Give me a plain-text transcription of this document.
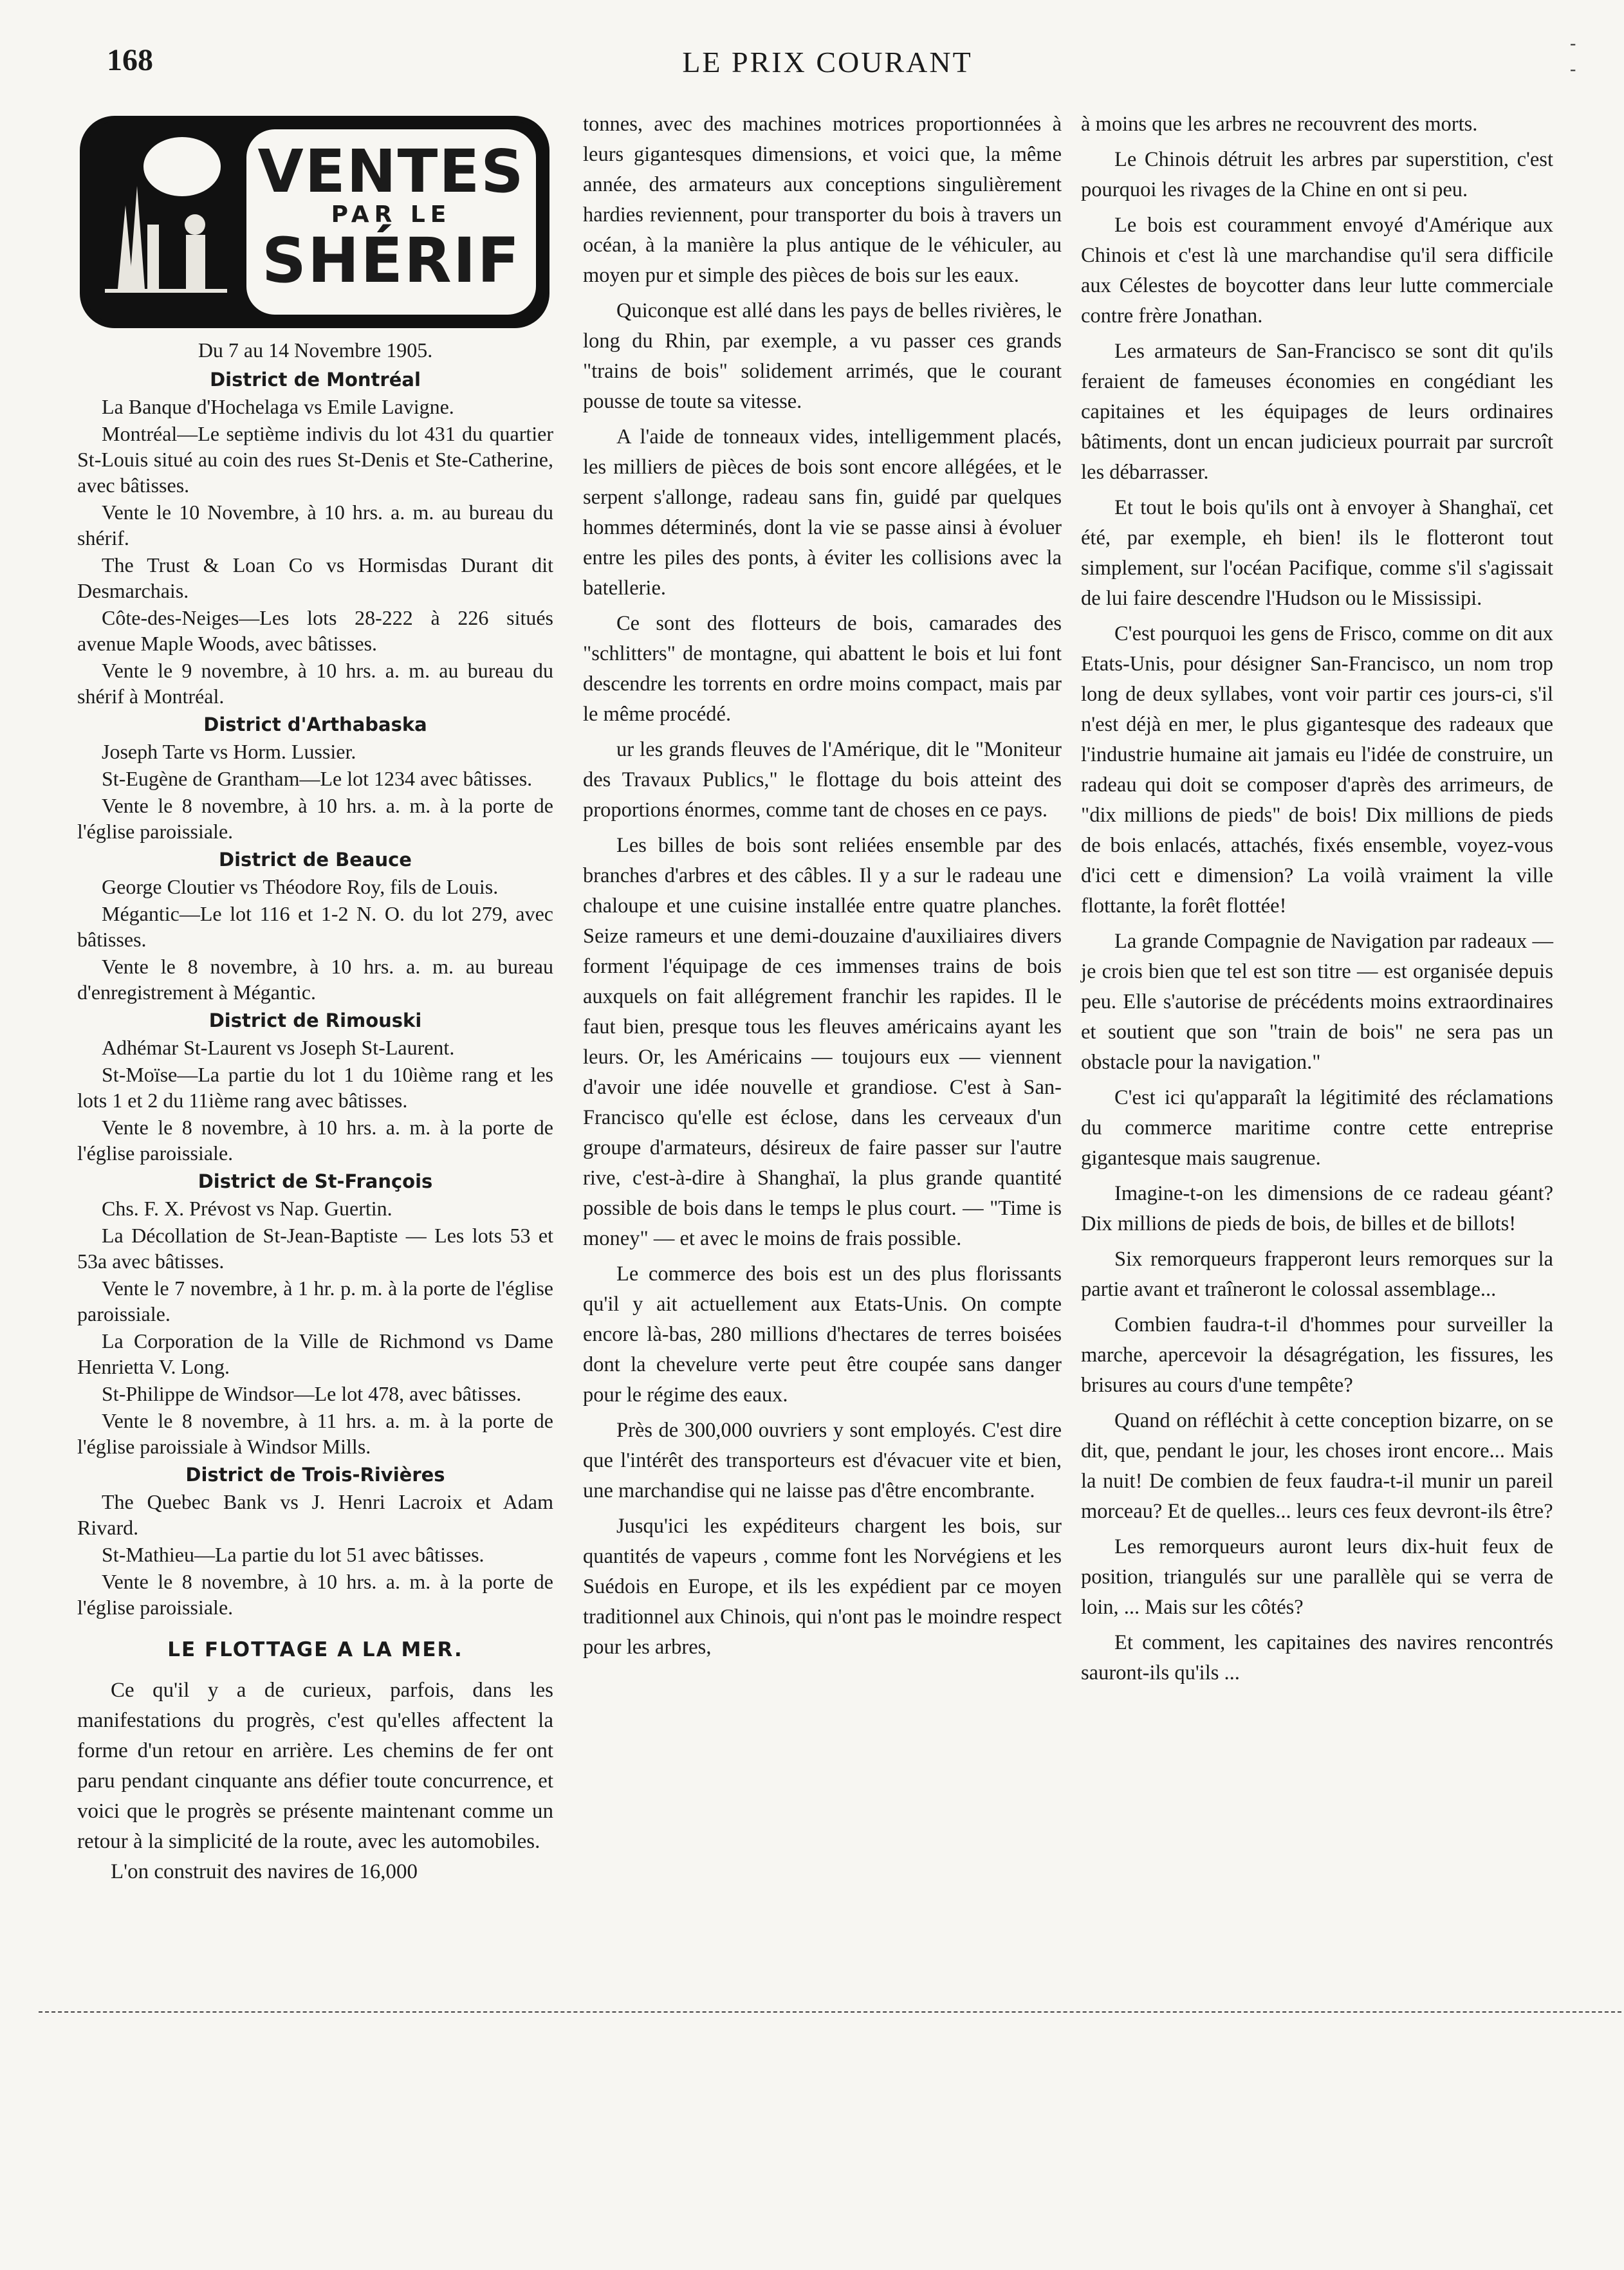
168	LE PRIX COURANT
-
-
VENTES
PAR LE
SHÉRIF
Du 7 au 14 Novembre 1905.
District de Montréal

La Banque d'Hochelaga vs Emile Lavigne.

Montréal—Le septième indivis du lot 431 du quartier St-Louis situé au coin des rues St-Denis et Ste-Catherine, avec bâtisses.

Vente le 10 Novembre, à 10 hrs. a. m. au bureau du shérif.

The Trust & Loan Co vs Hormisdas Durant dit Desmarchais.

Côte-des-Neiges—Les lots 28-222 à 226 situés avenue Maple Woods, avec bâtisses.

Vente le 9 novembre, à 10 hrs. a. m. au bureau du shérif à Montréal.

District d'Arthabaska

Joseph Tarte vs Horm. Lussier.

St-Eugène de Grantham—Le lot 1234 avec bâtisses.

Vente le 8 novembre, à 10 hrs. a. m. à la porte de l'église paroissiale.

District de Beauce

George Cloutier vs Théodore Roy, fils de Louis.

Mégantic—Le lot 116 et 1-2 N. O. du lot 279, avec bâtisses.

Vente le 8 novembre, à 10 hrs. a. m. au bureau d'enregistrement à Mégantic.

District de Rimouski

Adhémar St-Laurent vs Joseph St-Laurent.

St-Moïse—La partie du lot 1 du 10ième rang et les lots 1 et 2 du 11ième rang avec bâtisses.

Vente le 8 novembre, à 10 hrs. a. m. à la porte de l'église paroissiale.

District de St-François

Chs. F. X. Prévost vs Nap. Guertin.

La Décollation de St-Jean-Baptiste — Les lots 53 et 53a avec bâtisses.

Vente le 7 novembre, à 1 hr. p. m. à la porte de l'église paroissiale.

La Corporation de la Ville de Richmond vs Dame Henrietta V. Long.

St-Philippe de Windsor—Le lot 478, avec bâtisses.

Vente le 8 novembre, à 11 hrs. a. m. à la porte de l'église paroissiale à Windsor Mills.

District de Trois-Rivières

The Quebec Bank vs J. Henri Lacroix et Adam Rivard.

St-Mathieu—La partie du lot 51 avec bâtisses.

Vente le 8 novembre, à 10 hrs. a. m. à la porte de l'église paroissiale.

LE FLOTTAGE A LA MER.

Ce qu'il y a de curieux, parfois, dans les manifestations du progrès, c'est qu'elles affectent la forme d'un retour en arrière. Les chemins de fer ont paru pendant cinquante ans défier toute concurrence, et voici que le progrès se présente maintenant comme un retour à la simplicité de la route, avec les automobiles.

L'on construit des navires de 16,000

tonnes, avec des machines motrices proportionnées à leurs gigantesques dimensions, et voici que, la même année, des armateurs aux conceptions singulièrement hardies reviennent, pour transporter du bois à travers un océan, à la manière la plus antique de le véhiculer, au moyen pur et simple des pièces de bois sur les eaux.

Quiconque est allé dans les pays de belles rivières, le long du Rhin, par exemple, a vu passer ces grands "trains de bois" solidement arrimés, que le courant pousse de toute sa vitesse.

A l'aide de tonneaux vides, intelligemment placés, les milliers de pièces de bois sont encore allégées, et le serpent s'allonge, radeau sans fin, guidé par quelques hommes déterminés, dont la vie se passe ainsi à évoluer entre les piles des ponts, à éviter les collisions avec la batellerie.

Ce sont des flotteurs de bois, camarades des "schlitters" de montagne, qui abattent le bois et lui font descendre les torrents en ordre moins compact, mais par le même procédé.

ur les grands fleuves de l'Amérique, dit le "Moniteur des Travaux Publics," le flottage du bois atteint des proportions énormes, comme tant de choses en ce pays.

Les billes de bois sont reliées ensemble par des branches d'arbres et des câbles. Il y a sur le radeau une chaloupe et une cuisine installée entre quatre planches. Seize rameurs et une demi-douzaine d'auxiliaires divers forment l'équipage de ces immenses trains de bois auxquels on fait allégrement franchir les rapides. Il le faut bien, presque tous les fleuves américains ayant les leurs. Or, les Américains — toujours eux — viennent d'avoir une idée nouvelle et grandiose. C'est à San-Francisco qu'elle est éclose, dans les cerveaux d'un groupe d'armateurs, désireux de faire passer sur l'autre rive, c'est-à-dire à Shanghaï, la plus grande quantité possible de bois dans le temps le plus court. — "Time is money" — et avec le moins de frais possible.

Le commerce des bois est un des plus florissants qu'il y ait actuellement aux Etats-Unis. On compte encore là-bas, 280 millions d'hectares de terres boisées dont la chevelure verte peut être coupée sans danger pour le régime des eaux.

Près de 300,000 ouvriers y sont employés. C'est dire que l'intérêt des transporteurs est d'évacuer vite et bien, une marchandise qui ne laisse pas d'être encombrante.

Jusqu'ici les expéditeurs chargent les bois, sur quantités de vapeurs , comme font les Norvégiens et les Suédois en Europe, et ils les expédient par ce moyen traditionnel aux Chinois, qui n'ont pas le moindre respect pour les arbres,

à moins que les arbres ne recouvrent des morts.

Le Chinois détruit les arbres par superstition, c'est pourquoi les rivages de la Chine en ont si peu.

Le bois est couramment envoyé d'Amérique aux Chinois et c'est là une marchandise qu'il sera difficile aux Célestes de boycotter dans leur lutte commerciale contre frère Jonathan.

Les armateurs de San-Francisco se sont dit qu'ils feraient de fameuses économies en congédiant les capitaines et les équipages de leurs ordinaires bâtiments, dont un encan judicieux pourrait par surcroît les débarrasser.

Et tout le bois qu'ils ont à envoyer à Shanghaï, cet été, par exemple, eh bien! ils le flotteront tout simplement, sur l'océan Pacifique, comme s'il s'agissait de lui faire descendre l'Hudson ou le Mississipi.

C'est pourquoi les gens de Frisco, comme on dit aux Etats-Unis, pour désigner San-Francisco, un nom trop long de deux syllabes, vont voir partir ces jours-ci, s'il n'est déjà en mer, le plus gigantesque des radeaux que l'industrie humaine ait jamais eu l'idée de construire, un radeau qui doit se composer d'après des arrimeurs, de "dix millions de pieds" de bois! Dix millions de pieds de bois enlacés, attachés, fixés ensemble, voyez-vous d'ici cett e dimension? La voilà vraiment la ville flottante, la forêt flottée!

La grande Compagnie de Navigation par radeaux — je crois bien que tel est son titre — est organisée depuis peu. Elle s'autorise de précédents moins extraordinaires et soutient que son "train de bois" ne sera pas un obstacle pour la navigation."

C'est ici qu'apparaît la légitimité des réclamations du commerce maritime contre cette entreprise gigantesque mais saugrenue.

Imagine-t-on les dimensions de ce radeau géant? Dix millions de pieds de bois, de billes et de billots!

Six remorqueurs frapperont leurs remorques sur la partie avant et traîneront le colossal assemblage...

Combien faudra-t-il d'hommes pour surveiller la marche, apercevoir la désagrégation, les fissures, les brisures au cours d'une tempête?

Quand on réfléchit à cette conception bizarre, on se dit, que, pendant le jour, les choses iront encore... Mais la nuit! De combien de feux faudra-t-il munir un pareil morceau? Et de quelles... leurs ces feux devront-ils être?

Les remorqueurs auront leurs dix-huit feux de position, triangulés sur une parallèle qui se verra de loin, ... Mais sur les côtés?

Et comment, les capitaines des navires rencontrés sauront-ils qu'ils ...
